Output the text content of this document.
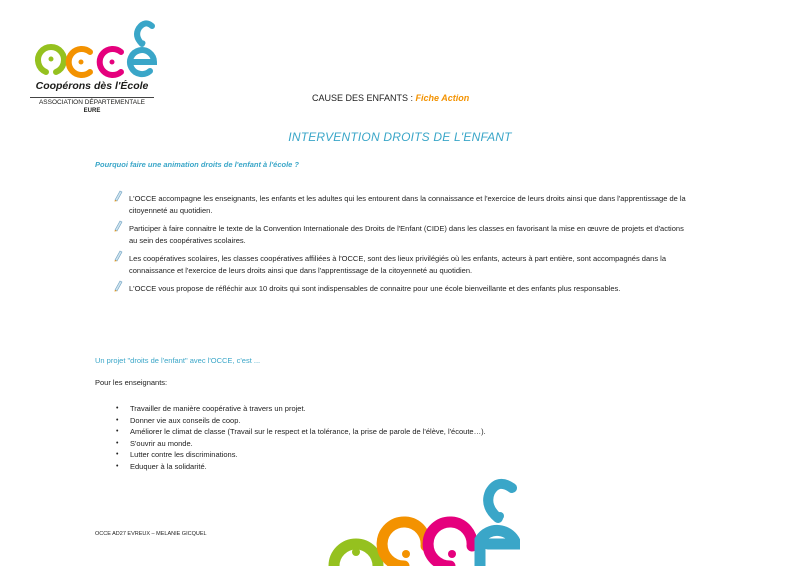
Coopérons dès l'École
ASSOCIATION DÉPARTEMENTALE
EURE
CAUSE DES ENFANTS : Fiche Action
INTERVENTION DROITS DE L'ENFANT
Pourquoi faire une animation droits de l'enfant à l'école ?
L'OCCE accompagne les enseignants, les enfants et les adultes qui les entourent dans la connaissance et l'exercice de leurs droits ainsi que dans l'apprentissage de la citoyenneté au quotidien.
Participer à faire connaitre le texte de la Convention Internationale des Droits de l'Enfant (CIDE) dans les classes en favorisant la mise en œuvre de projets et d'actions au sein des coopératives scolaires.
Les coopératives scolaires, les classes coopératives affiliées à l'OCCE, sont des lieux privilégiés où les enfants, acteurs à part entière, sont accompagnés dans la connaissance et l'exercice de leurs droits ainsi que dans l'apprentissage de la citoyenneté au quotidien.
L'OCCE vous propose de réfléchir aux 10 droits qui sont indispensables de connaitre pour une école bienveillante et des enfants plus responsables.
Un projet "droits de l'enfant" avec l'OCCE, c'est ...
Pour les enseignants:
• Travailler de manière coopérative à travers un projet.
• Donner vie aux conseils de coop.
• Améliorer le climat de classe (Travail sur le respect et la tolérance, la prise de parole de l'élève, l'écoute…).
• S'ouvrir au monde.
• Lutter contre les discriminations.
• Eduquer à la solidarité.
OCCE AD27 EVREUX – MELANIE GICQUEL
